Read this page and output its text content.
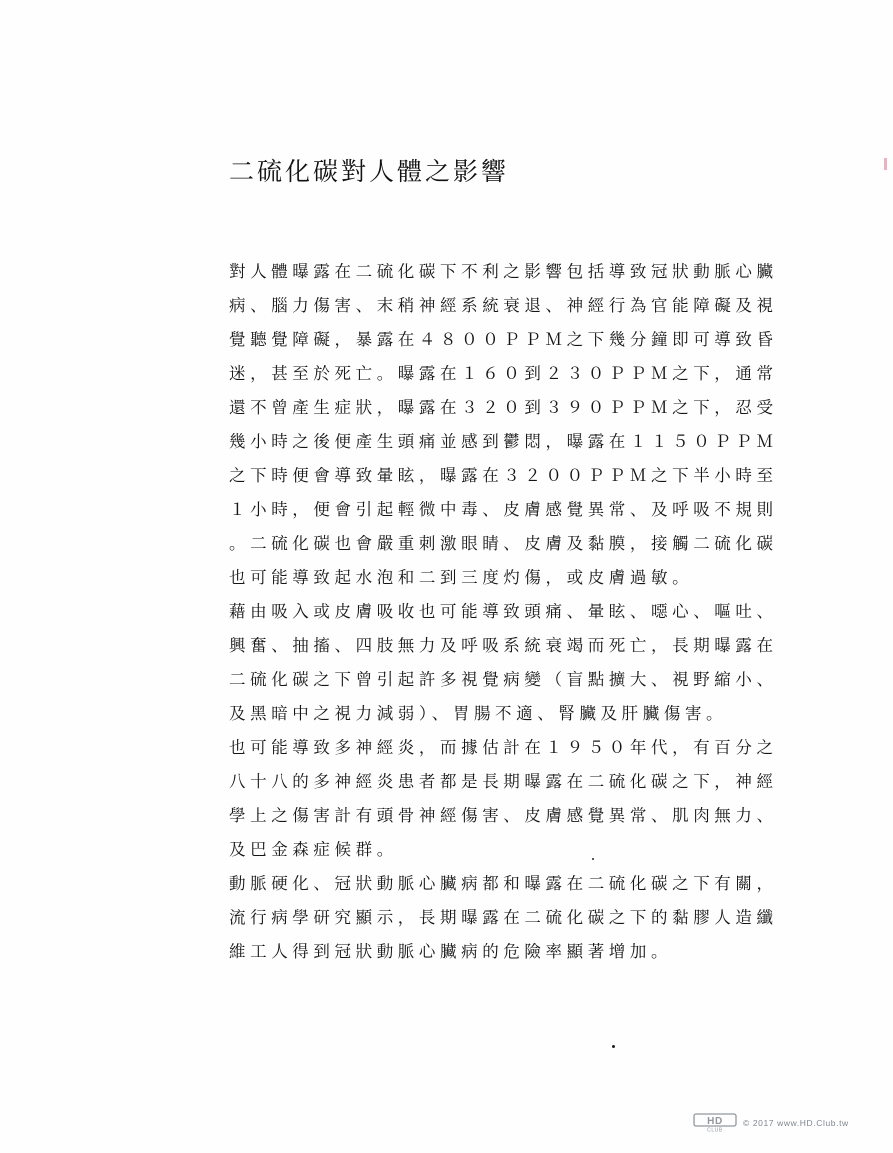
二硫化碳對人體之影響
對人體曝露在二硫化碳下不利之影響包括導致冠狀動脈心臟
病、腦力傷害、末稍神經系統衰退、神經行為官能障礙及視
覺聽覺障礙，暴露在４８００ＰＰＭ之下幾分鐘即可導致昏
迷，甚至於死亡。曝露在１６０到２３０ＰＰＭ之下，通常
還不曾產生症狀，曝露在３２０到３９０ＰＰＭ之下，忍受
幾小時之後便產生頭痛並感到鬱悶，曝露在１１５０ＰＰＭ
之下時便會導致暈眩，曝露在３２００ＰＰＭ之下半小時至
１小時，便會引起輕微中毒、皮膚感覺異常、及呼吸不規則
。二硫化碳也會嚴重刺激眼睛、皮膚及黏膜，接觸二硫化碳
也可能導致起水泡和二到三度灼傷，或皮膚過敏。
藉由吸入或皮膚吸收也可能導致頭痛、暈眩、噁心、嘔吐、
興奮、抽搐、四肢無力及呼吸系統衰竭而死亡，長期曝露在
二硫化碳之下曾引起許多視覺病變（盲點擴大、視野縮小、
及黑暗中之視力減弱）、胃腸不適、腎臟及肝臟傷害。
也可能導致多神經炎，而據估計在１９５０年代，有百分之
八十八的多神經炎患者都是長期曝露在二硫化碳之下，神經
學上之傷害計有頭骨神經傷害、皮膚感覺異常、肌肉無力、
及巴金森症候群。
動脈硬化、冠狀動脈心臟病都和曝露在二硫化碳之下有關，
流行病學研究顯示，長期曝露在二硫化碳之下的黏膠人造纖
維工人得到冠狀動脈心臟病的危險率顯著增加。
HD
CLUB
© 2017 www.HD.Club.tw
